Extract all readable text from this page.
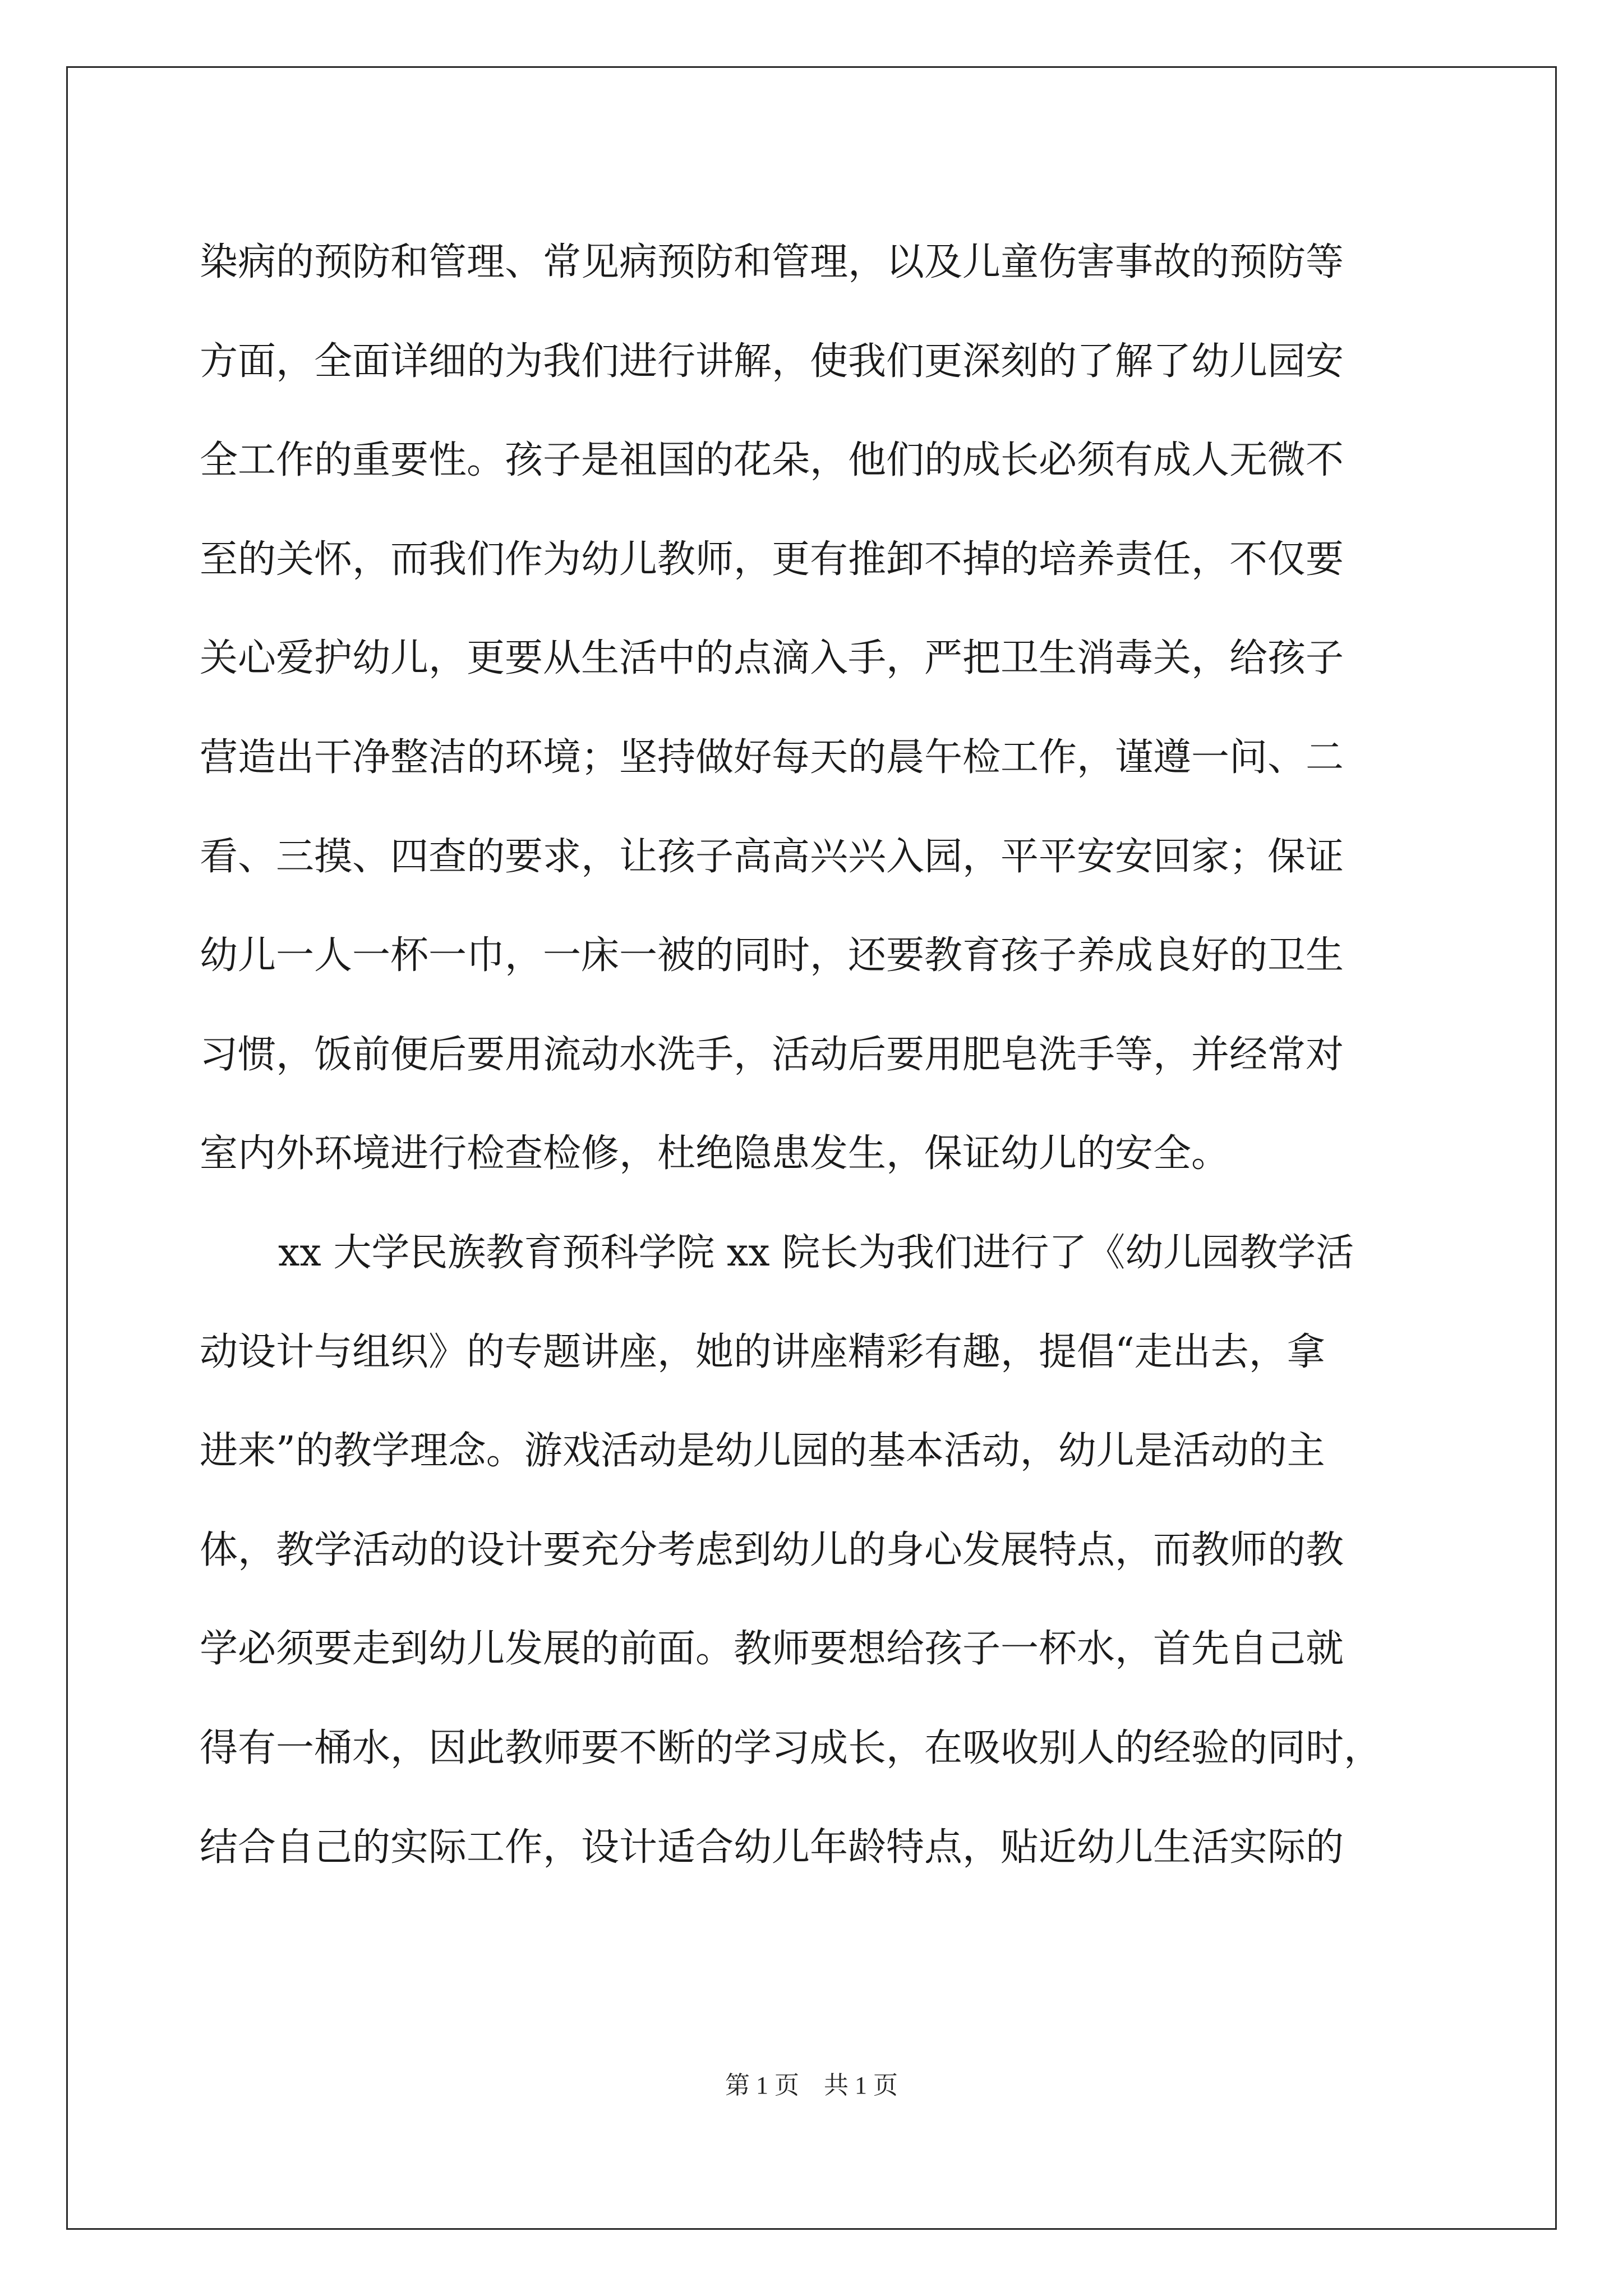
染病的预防和管理、常见病预防和管理，以及儿童伤害事故的预防等
方面，全面详细的为我们进行讲解，使我们更深刻的了解了幼儿园安
全工作的重要性。孩子是祖国的花朵，他们的成长必须有成人无微不
至的关怀，而我们作为幼儿教师，更有推卸不掉的培养责任，不仅要
关心爱护幼儿，更要从生活中的点滴入手，严把卫生消毒关，给孩子
营造出干净整洁的环境；坚持做好每天的晨午检工作，谨遵一问、二
看、三摸、四查的要求，让孩子高高兴兴入园，平平安安回家；保证
幼儿一人一杯一巾，一床一被的同时，还要教育孩子养成良好的卫生
习惯，饭前便后要用流动水洗手，活动后要用肥皂洗手等，并经常对
室内外环境进行检查检修，杜绝隐患发生，保证幼儿的安全。
xx 大学民族教育预科学院 xx 院长为我们进行了《幼儿园教学活
动设计与组织》的专题讲座，她的讲座精彩有趣，提倡“走出去，拿
进来”的教学理念。游戏活动是幼儿园的基本活动，幼儿是活动的主
体，教学活动的设计要充分考虑到幼儿的身心发展特点，而教师的教
学必须要走到幼儿发展的前面。教师要想给孩子一杯水，首先自己就
得有一桶水，因此教师要不断的学习成长，在吸收别人的经验的同时，
结合自己的实际工作，设计适合幼儿年龄特点，贴近幼儿生活实际的
第 1 页　共 1 页
